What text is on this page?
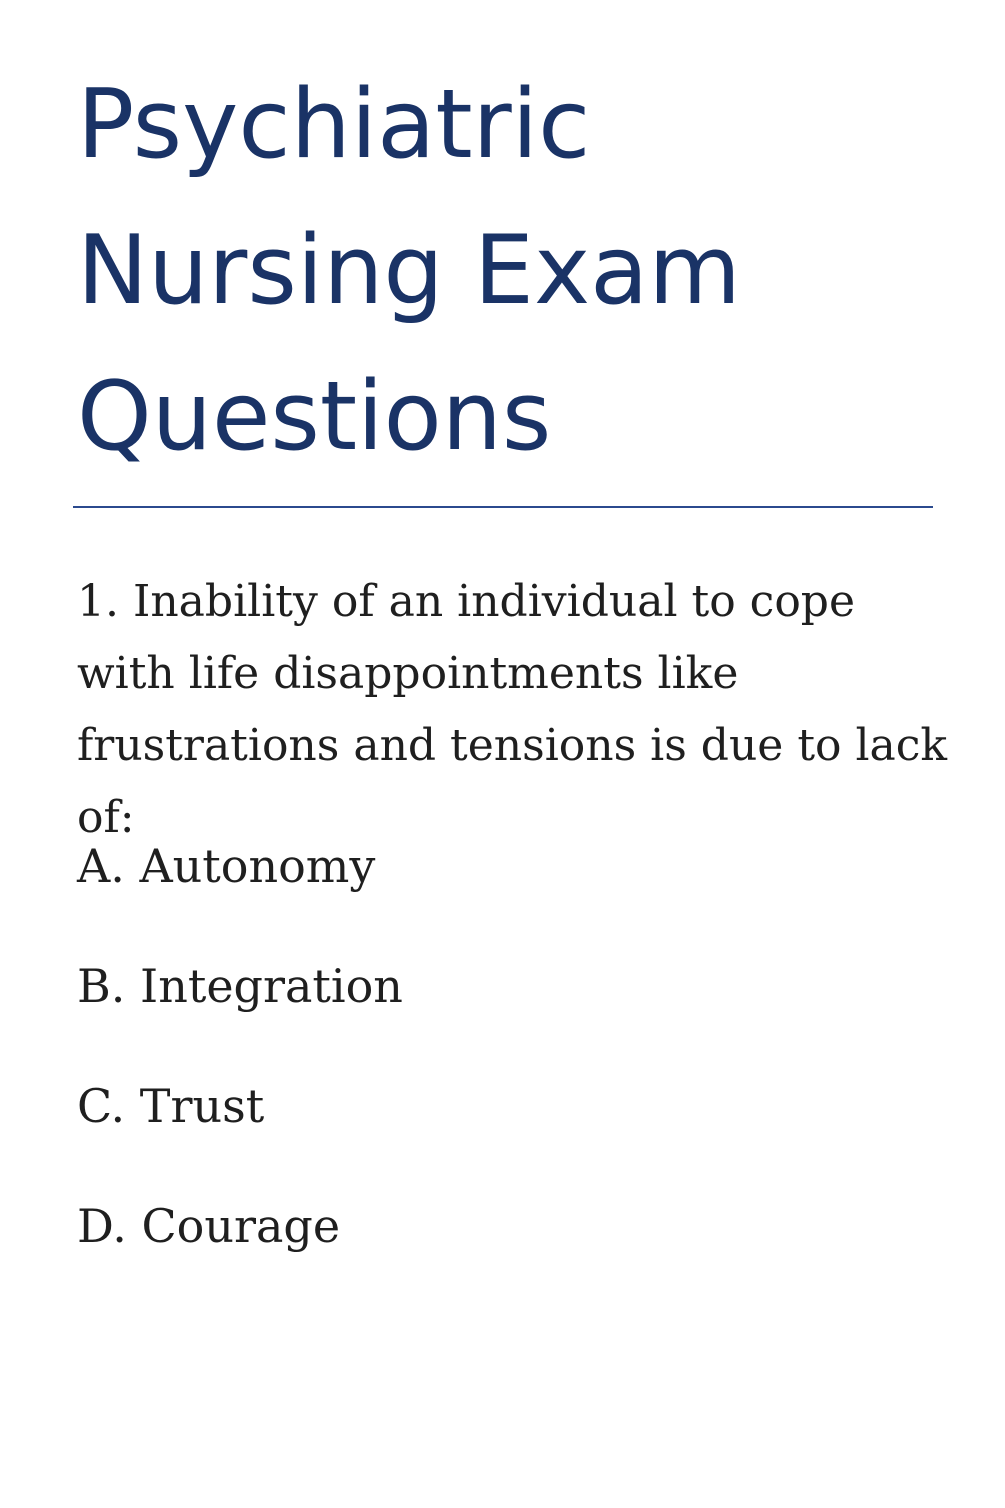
Psychiatric Nursing Exam Questions

1. Inability of an individual to cope with life disappointments like frustrations and tensions is due to lack of:

A. Autonomy
B. Integration
C. Trust
D. Courage
